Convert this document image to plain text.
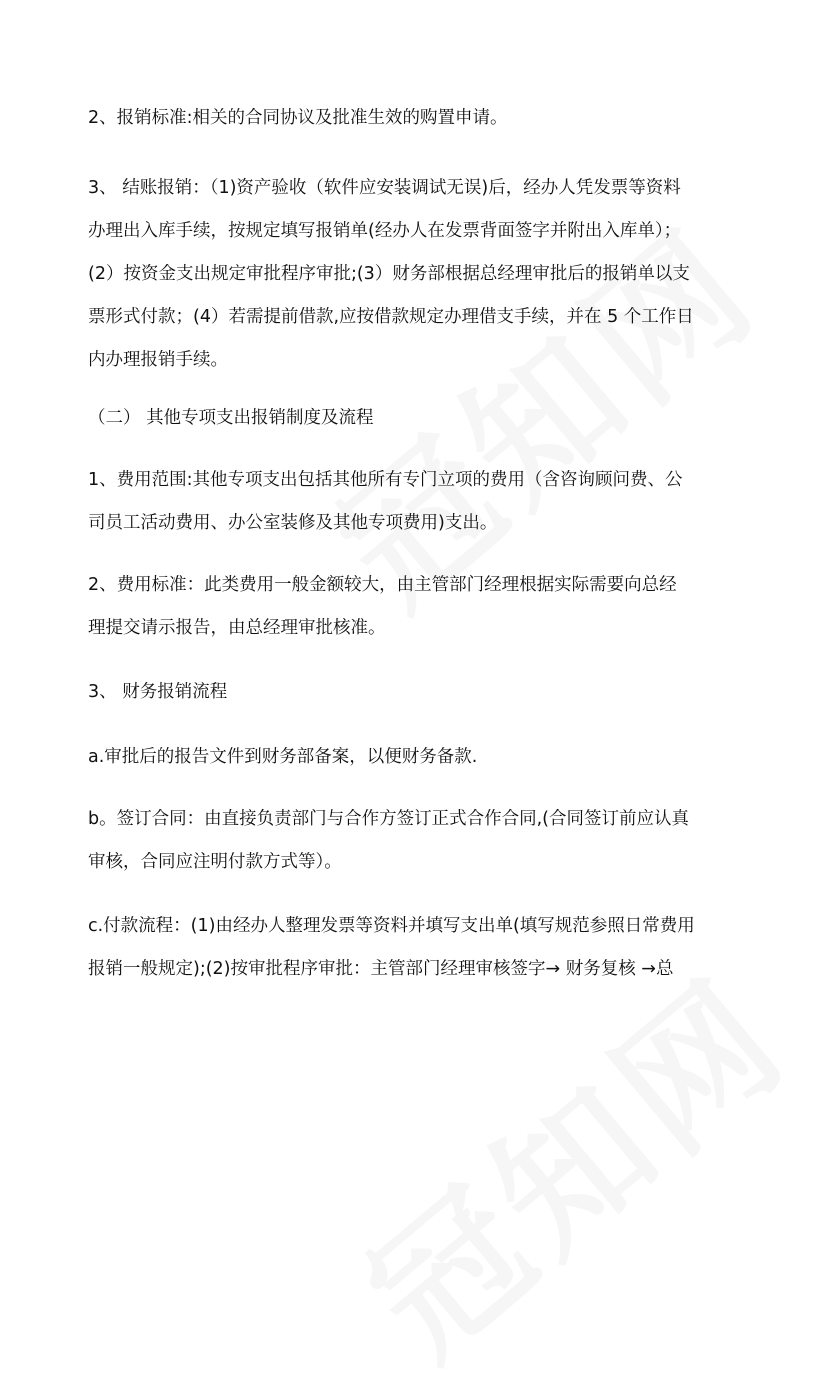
2、报销标准:相关的合同协议及批准生效的购置申请。
3、 结账报销：（1)资产验收（软件应安装调试无误)后，经办人凭发票等资料
办理出入库手续，按规定填写报销单(经办人在发票背面签字并附出入库单）；
(2）按资金支出规定审批程序审批;(3）财务部根据总经理审批后的报销单以支
票形式付款；(4）若需提前借款,应按借款规定办理借支手续，并在 5 个工作日
内办理报销手续。
（二） 其他专项支出报销制度及流程
1、费用范围:其他专项支出包括其他所有专门立项的费用（含咨询顾问费、公
司员工活动费用、办公室装修及其他专项费用)支出。
2、费用标准：此类费用一般金额较大，由主管部门经理根据实际需要向总经
理提交请示报告，由总经理审批核准。
3、 财务报销流程
a.审批后的报告文件到财务部备案，以便财务备款.
b。签订合同：由直接负责部门与合作方签订正式合作合同,(合同签订前应认真
审核，合同应注明付款方式等）。
c.付款流程：(1)由经办人整理发票等资料并填写支出单(填写规范参照日常费用
报销一般规定);(2)按审批程序审批：主管部门经理审核签字→ 财务复核 →总
